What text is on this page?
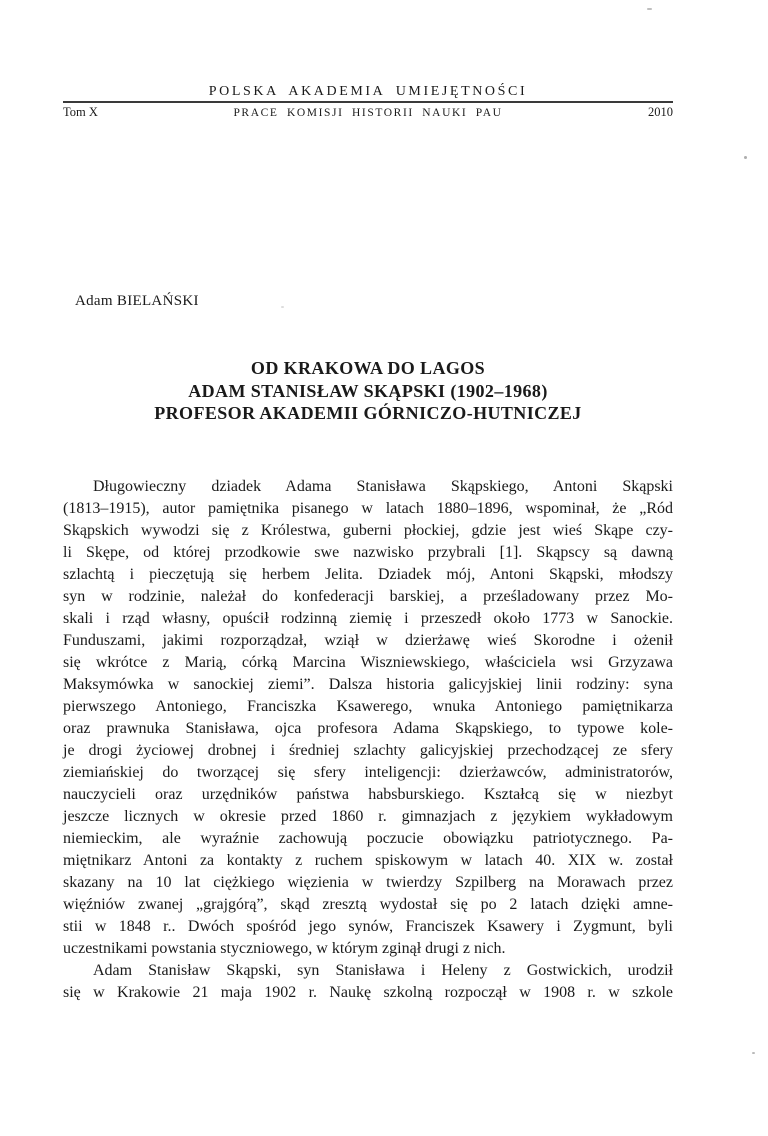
POLSKA AKADEMIA UMIEJĘTNOŚCI
Tom X	PRACE KOMISJI HISTORII NAUKI PAU	2010
Adam BIELAŃSKI
OD KRAKOWA DO LAGOS
ADAM STANISŁAW SKĄPSKI (1902–1968)
PROFESOR AKADEMII GÓRNICZO-HUTNICZEJ
Długowieczny dziadek Adama Stanisława Skąpskiego, Antoni Skąpski
(1813–1915), autor pamiętnika pisanego w latach 1880–1896, wspominał, że „Ród
Skąpskich wywodzi się z Królestwa, guberni płockiej, gdzie jest wieś Skąpe czy-
li Skępe, od której przodkowie swe nazwisko przybrali [1]. Skąpscy są dawną
szlachtą i pieczętują się herbem Jelita. Dziadek mój, Antoni Skąpski, młodszy
syn w rodzinie, należał do konfederacji barskiej, a prześladowany przez Mo-
skali i rząd własny, opuścił rodzinną ziemię i przeszedł około 1773 w Sanockie.
Funduszami, jakimi rozporządzał, wziął w dzierżawę wieś Skorodne i ożenił
się wkrótce z Marią, córką Marcina Wiszniewskiego, właściciela wsi Grzyzawa
Maksymówka w sanockiej ziemi”. Dalsza historia galicyjskiej linii rodziny: syna
pierwszego Antoniego, Franciszka Ksawerego, wnuka Antoniego pamiętnikarza
oraz prawnuka Stanisława, ojca profesora Adama Skąpskiego, to typowe kole-
je drogi życiowej drobnej i średniej szlachty galicyjskiej przechodzącej ze sfery
ziemiańskiej do tworzącej się sfery inteligencji: dzierżawców, administratorów,
nauczycieli oraz urzędników państwa habsburskiego. Kształcą się w niezbyt
jeszcze licznych w okresie przed 1860 r. gimnazjach z językiem wykładowym
niemieckim, ale wyraźnie zachowują poczucie obowiązku patriotycznego. Pa-
miętnikarz Antoni za kontakty z ruchem spiskowym w latach 40. XIX w. został
skazany na 10 lat ciężkiego więzienia w twierdzy Szpilberg na Morawach przez
więźniów zwanej „grajgórą”, skąd zresztą wydostał się po 2 latach dzięki amne-
stii w 1848 r.. Dwóch spośród jego synów, Franciszek Ksawery i Zygmunt, byli
uczestnikami powstania styczniowego, w którym zginął drugi z nich.
Adam Stanisław Skąpski, syn Stanisława i Heleny z Gostwickich, urodził
się w Krakowie 21 maja 1902 r. Naukę szkolną rozpoczął w 1908 r. w szkole
